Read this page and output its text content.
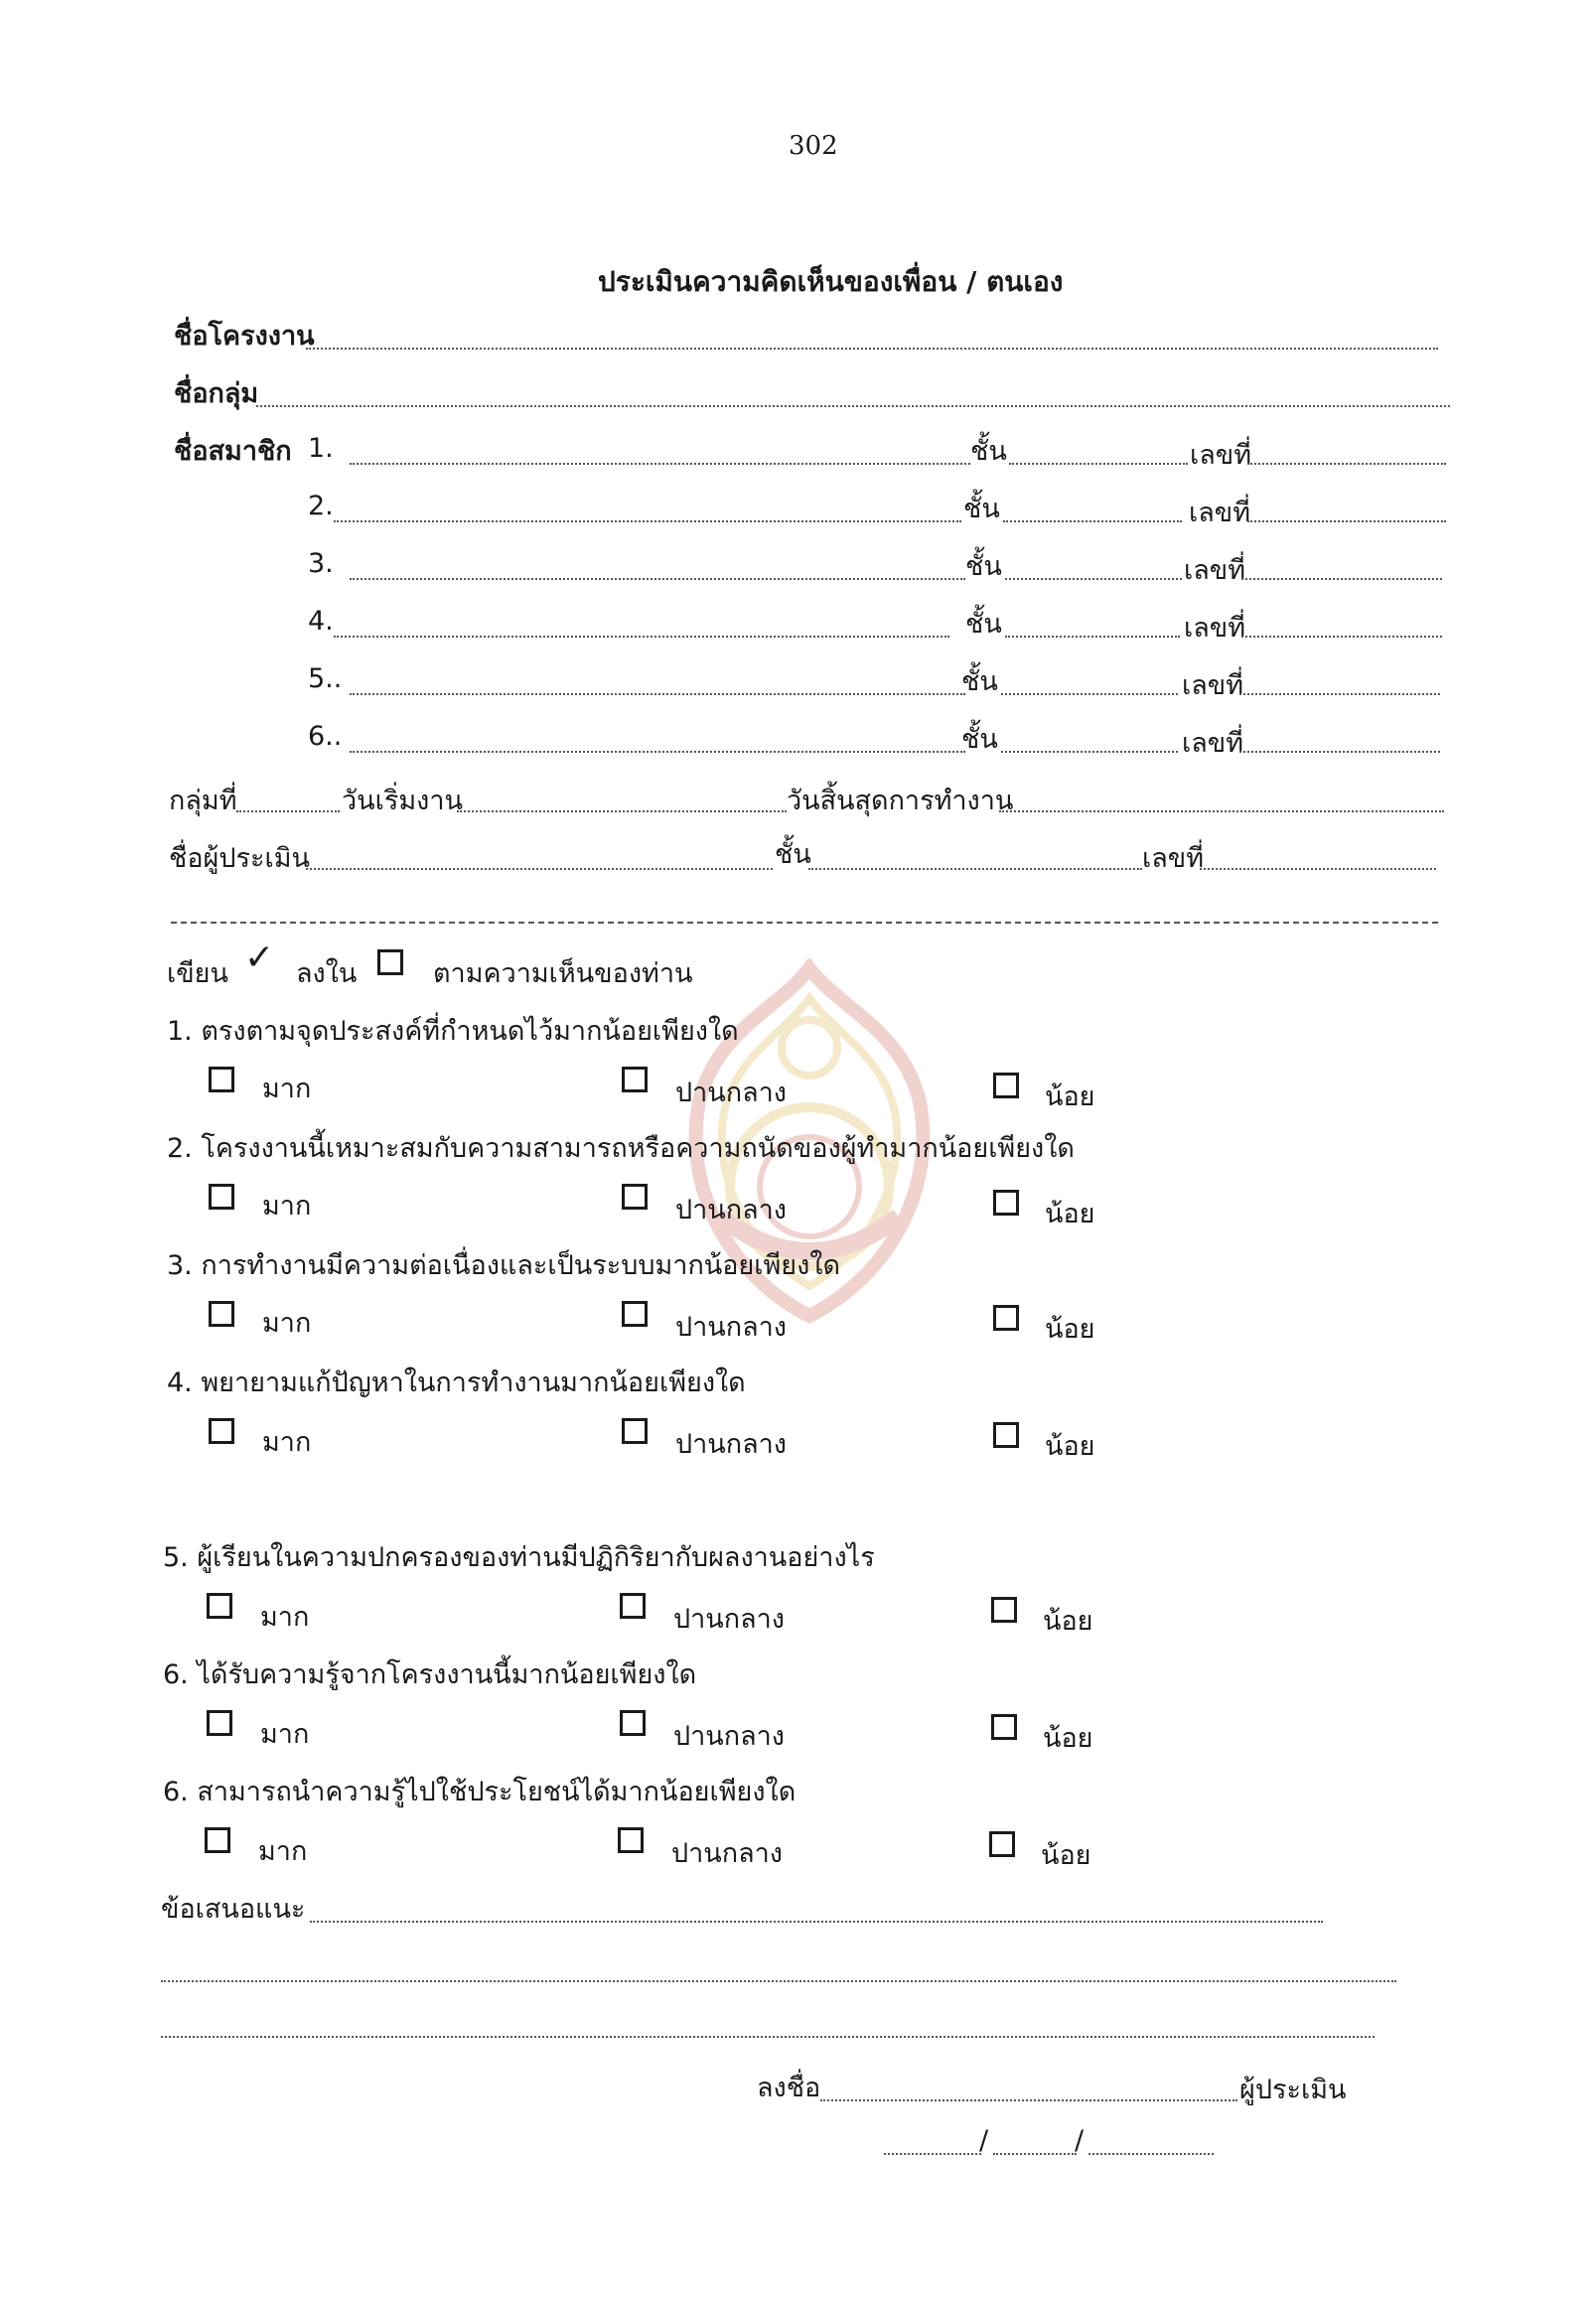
302
ประเมินความคิดเห็นของเพื่อน / ตนเอง
ชื่อโครงงาน
ชื่อกลุ่ม
ชื่อสมาชิก 1.	ชั้น	เลขที่
2.	ชั้น	เลขที่
3.	ชั้น	เลขที่
4.	ชั้น	เลขที่
5..	ชั้น	เลขที่
6..	ชั้น	เลขที่
กลุ่มที่	วันเริ่มงาน	วันสิ้นสุดการทำงาน
ชื่อผู้ประเมิน	ชั้น	เลขที่
เขียน ✓ ลงใน	ตามความเห็นของท่าน
1. ตรงตามจุดประสงค์ที่กำหนดไว้มากน้อยเพียงใด
มาก	ปานกลาง	น้อย
2. โครงงานนี้เหมาะสมกับความสามารถหรือความถนัดของผู้ทำมากน้อยเพียงใด
มาก	ปานกลาง	น้อย
3. การทำงานมีความต่อเนื่องและเป็นระบบมากน้อยเพียงใด
มาก	ปานกลาง	น้อย
4. พยายามแก้ปัญหาในการทำงานมากน้อยเพียงใด
มาก	ปานกลาง	น้อย
5. ผู้เรียนในความปกครองของท่านมีปฏิกิริยากับผลงานอย่างไร
มาก	ปานกลาง	น้อย
6. ได้รับความรู้จากโครงงานนี้มากน้อยเพียงใด
มาก	ปานกลาง	น้อย
6. สามารถนำความรู้ไปใช้ประโยชน์ได้มากน้อยเพียงใด
มาก	ปานกลาง	น้อย
ข้อเสนอแนะ
ลงชื่อ	ผู้ประเมิน
/	/
